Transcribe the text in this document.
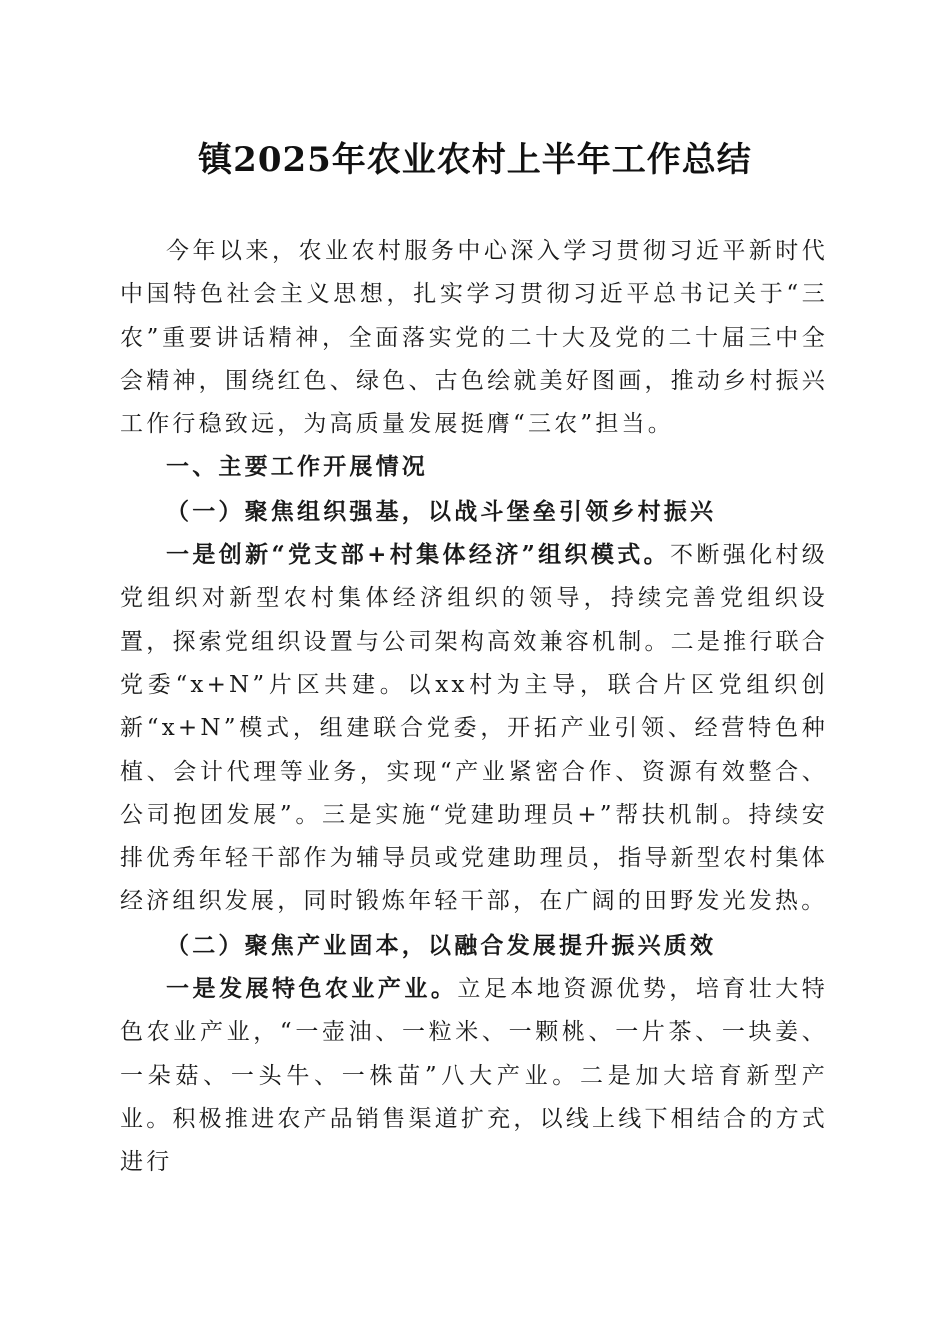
镇2025年农业农村上半年工作总结

今年以来，农业农村服务中心深入学习贯彻习近平新时代中国特色社会主义思想，扎实学习贯彻习近平总书记关于“三农”重要讲话精神，全面落实党的二十大及党的二十届三中全会精神，围绕红色、绿色、古色绘就美好图画，推动乡村振兴工作行稳致远，为高质量发展挺膺“三农”担当。

一、主要工作开展情况

（一）聚焦组织强基，以战斗堡垒引领乡村振兴

一是创新“党支部+村集体经济”组织模式。不断强化村级党组织对新型农村集体经济组织的领导，持续完善党组织设置，探索党组织设置与公司架构高效兼容机制。二是推行联合党委“x+N”片区共建。以xx村为主导，联合片区党组织创新“x+N”模式，组建联合党委，开拓产业引领、经营特色种植、会计代理等业务，实现“产业紧密合作、资源有效整合、公司抱团发展”。三是实施“党建助理员+”帮扶机制。持续安排优秀年轻干部作为辅导员或党建助理员，指导新型农村集体经济组织发展，同时锻炼年轻干部，在广阔的田野发光发热。

（二）聚焦产业固本，以融合发展提升振兴质效

一是发展特色农业产业。立足本地资源优势，培育壮大特色农业产业，“一壶油、一粒米、一颗桃、一片茶、一块姜、一朵菇、一头牛、一株苗”八大产业。二是加大培育新型产业。积极推进农产品销售渠道扩充，以线上线下相结合的方式进行
